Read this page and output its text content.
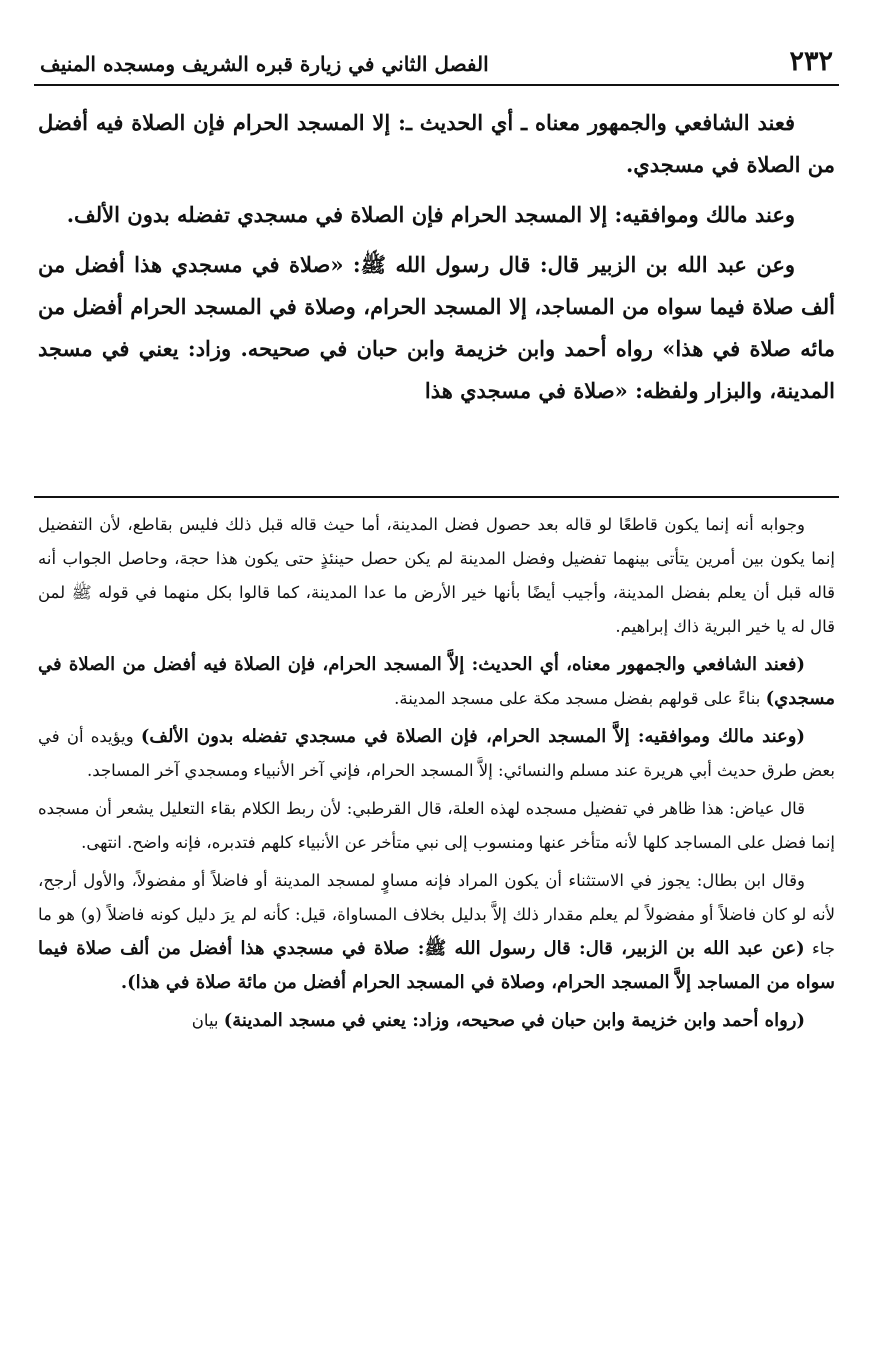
٢٣٢
الفصل الثاني في زيارة قبره الشريف ومسجده المنيف

فعند الشافعي والجمهور معناه ـ أي الحديث ـ: إلا المسجد الحرام فإن الصلاة فيه أفضل من الصلاة في مسجدي.

وعند مالك وموافقيه: إلا المسجد الحرام فإن الصلاة في مسجدي تفضله بدون الألف.

وعن عبد الله بن الزبير قال: قال رسول الله ﷺ: «صلاة في مسجدي هذا أفضل من ألف صلاة فيما سواه من المساجد، إلا المسجد الحرام، وصلاة في المسجد الحرام أفضل من مائه صلاة في هذا» رواه أحمد وابن خزيمة وابن حبان في صحيحه. وزاد: يعني في مسجد المدينة، والبزار ولفظه: «صلاة في مسجدي هذا

وجوابه أنه إنما يكون قاطعًا لو قاله بعد حصول فضل المدينة، أما حيث قاله قبل ذلك فليس بقاطع، لأن التفضيل إنما يكون بين أمرين يتأتى بينهما تفضيل وفضل المدينة لم يكن حصل حينئذٍ حتى يكون هذا حجة، وحاصل الجواب أنه قاله قبل أن يعلم بفضل المدينة، وأجيب أيضًا بأنها خير الأرض ما عدا المدينة، كما قالوا بكل منهما في قوله ﷺ لمن قال له يا خير البرية ذاك إبراهيم.

(فعند الشافعي والجمهور معناه، أي الحديث: إلاَّ المسجد الحرام، فإن الصلاة فيه أفضل من الصلاة في مسجدي) بناءً على قولهم بفضل مسجد مكة على مسجد المدينة.

(وعند مالك وموافقيه: إلاَّ المسجد الحرام، فإن الصلاة في مسجدي تفضله بدون الألف) ويؤيده أن في بعض طرق حديث أبي هريرة عند مسلم والنسائي: إلاَّ المسجد الحرام، فإني آخر الأنبياء ومسجدي آخر المساجد.

قال عياض: هذا ظاهر في تفضيل مسجده لهذه العلة، قال القرطبي: لأن ربط الكلام بقاء التعليل يشعر أن مسجده إنما فضل على المساجد كلها لأنه متأخر عنها ومنسوب إلى نبي متأخر عن الأنبياء كلهم فتدبره، فإنه واضح. انتهى.

وقال ابن بطال: يجوز في الاستثناء أن يكون المراد فإنه مساوٍ لمسجد المدينة أو فاضلاً أو مفضولاً، والأول أرجح، لأنه لو كان فاضلاً أو مفضولاً لم يعلم مقدار ذلك إلاَّ بدليل بخلاف المساواة، قيل: كأنه لم يرَ دليل كونه فاضلاً (و) هو ما جاء (عن عبد الله بن الزبير، قال: قال رسول الله ﷺ: صلاة في مسجدي هذا أفضل من ألف صلاة فيما سواه من المساجد إلاَّ المسجد الحرام، وصلاة في المسجد الحرام أفضل من مائة صلاة في هذا).

(رواه أحمد وابن خزيمة وابن حبان في صحيحه، وزاد: يعني في مسجد المدينة) بيان
